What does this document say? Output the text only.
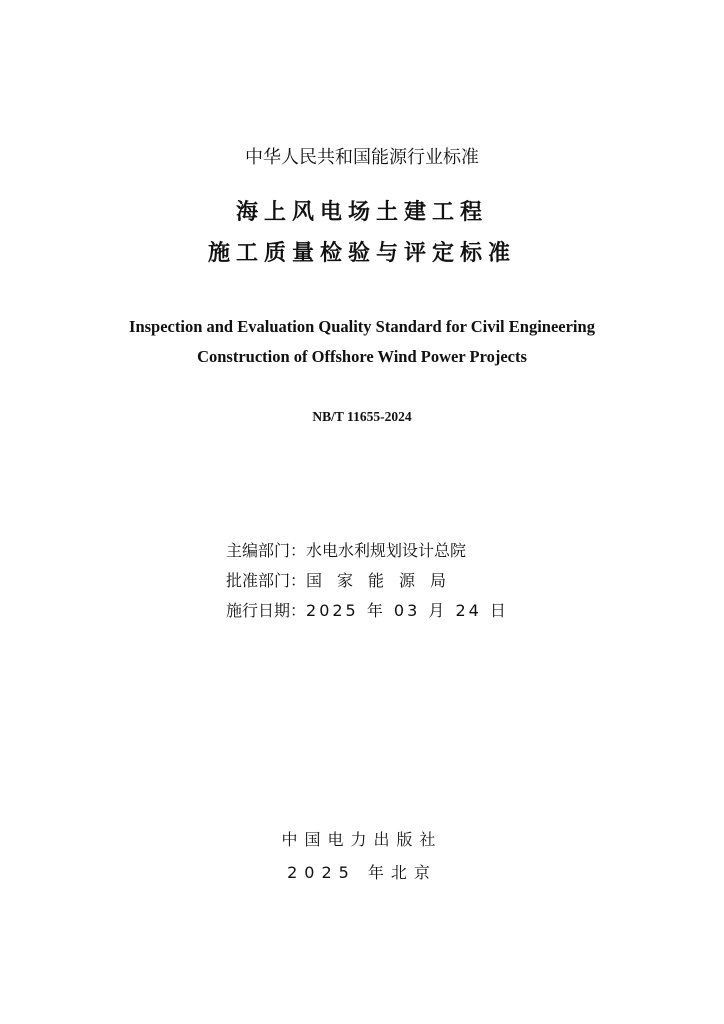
中华人民共和国能源行业标准
海上风电场土建工程
施工质量检验与评定标准
Inspection and Evaluation Quality Standard for Civil Engineering
Construction of Offshore Wind Power Projects
NB/T 11655-2024
主编部门： 水电水利规划设计总院
批准部门： 国家能源局
施行日期： 2025 年 03 月 24 日
中国电力出版社
2025 年北京
